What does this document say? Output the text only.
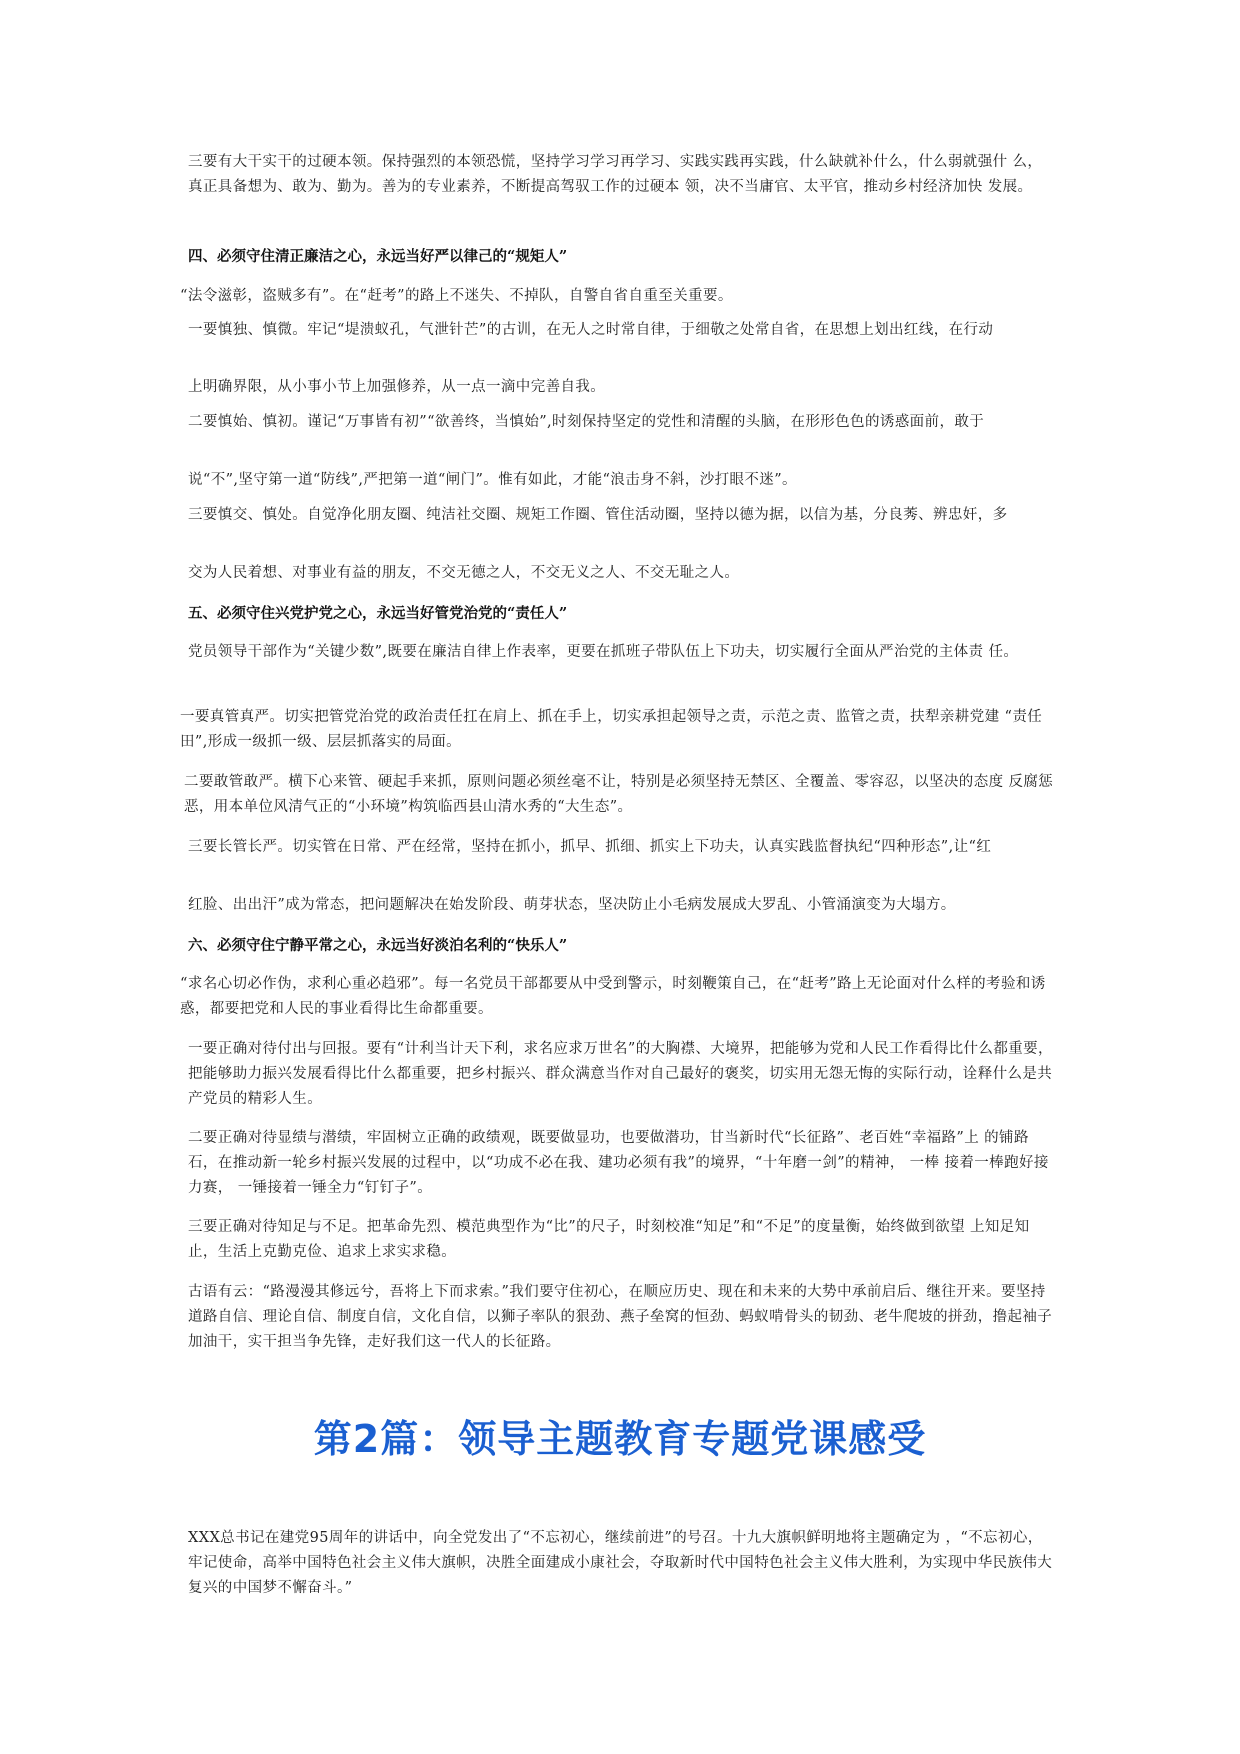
三要有大干实干的过硬本领。保持强烈的本领恐慌，坚持学习学习再学习、实践实践再实践，什么缺就补什么，什么弱就强什 么，真正具备想为、敢为、勤为。善为的专业素养，不断提高驾驭工作的过硬本 领，决不当庸官、太平官，推动乡村经济加快 发展。

四、必须守住清正廉洁之心，永远当好严以律己的“规矩人”

“法令滋彰，盗贼多有”。在“赶考”的路上不迷失、不掉队，自警自省自重至关重要。

一要慎独、慎微。牢记“堤溃蚁孔，气泄针芒”的古训，在无人之时常自律，于细敬之处常自省，在思想上划出红线，在行动

上明确界限，从小事小节上加强修养，从一点一滴中完善自我。

二要慎始、慎初。谨记“万事皆有初”“欲善终，当慎始”,时刻保持坚定的党性和清醒的头脑，在形形色色的诱惑面前，敢于

说“不”,坚守第一道“防线”,严把第一道“闸门”。惟有如此，才能“浪击身不斜，沙打眼不迷”。

三要慎交、慎处。自觉净化朋友圈、纯洁社交圈、规矩工作圈、管住活动圈，坚持以德为据，以信为基，分良莠、辨忠奸，多

交为人民着想、对事业有益的朋友，不交无德之人，不交无义之人、不交无耻之人。

五、必须守住兴党护党之心，永远当好管党治党的“责任人”

党员领导干部作为“关键少数”,既要在廉洁自律上作表率，更要在抓班子带队伍上下功夫，切实履行全面从严治党的主体责 任。

一要真管真严。切实把管党治党的政治责任扛在肩上、抓在手上，切实承担起领导之责，示范之责、监管之责，扶犁亲耕党建 “责任田”,形成一级抓一级、层层抓落实的局面。

二要敢管敢严。横下心来管、硬起手来抓，原则问题必须丝毫不让，特别是必须坚持无禁区、全覆盖、零容忍，以坚决的态度 反腐惩恶，用本单位风清气正的“小环境”构筑临西县山清水秀的“大生态”。

三要长管长严。切实管在日常、严在经常，坚持在抓小，抓早、抓细、抓实上下功夫，认真实践监督执纪“四种形态”,让“红

红脸、出出汗”成为常态，把问题解决在始发阶段、萌芽状态，坚决防止小毛病发展成大罗乱、小管涌演变为大塌方。

六、必须守住宁静平常之心，永远当好淡泊名利的“快乐人”

“求名心切必作伪，求利心重必趋邪”。每一名党员干部都要从中受到警示，时刻鞭策自己，在“赶考”路上无论面对什么样的考验和诱惑，都要把党和人民的事业看得比生命都重要。

一要正确对待付出与回报。要有“计利当计天下利，求名应求万世名”的大胸襟、大境界，把能够为党和人民工作看得比什么都重要，把能够助力振兴发展看得比什么都重要，把乡村振兴、群众满意当作对自己最好的褒奖，切实用无怨无悔的实际行动，诠释什么是共产党员的精彩人生。

二要正确对待显绩与潜绩，牢固树立正确的政绩观，既要做显功，也要做潜功，甘当新时代“长征路”、老百姓“幸福路”上 的铺路石，在推动新一轮乡村振兴发展的过程中，以“功成不必在我、建功必须有我”的境界，“十年磨一剑”的精神， 一棒 接着一棒跑好接力赛， 一锤接着一锤全力“钉钉子”。

三要正确对待知足与不足。把革命先烈、模范典型作为“比”的尺子，时刻校准“知足”和“不足”的度量衡，始终做到欲望 上知足知止，生活上克勤克俭、追求上求实求稳。

古语有云：“路漫漫其修远兮，吾将上下而求索。”我们要守住初心，在顺应历史、现在和未来的大势中承前启后、继往开来。要坚持道路自信、理论自信、制度自信，文化自信，以狮子率队的狠劲、燕子垒窝的恒劲、蚂蚁啃骨头的韧劲、老牛爬坡的拼劲，撸起袖子加油干，实干担当争先锋，走好我们这一代人的长征路。

第2篇：领导主题教育专题党课感受

XXX总书记在建党95周年的讲话中，向全党发出了“不忘初心，继续前进”的号召。十九大旗帜鲜明地将主题确定为 ，“不忘初心，牢记使命，高举中国特色社会主义伟大旗帜，决胜全面建成小康社会，夺取新时代中国特色社会主义伟大胜利，为实现中华民族伟大复兴的中国梦不懈奋斗。”
